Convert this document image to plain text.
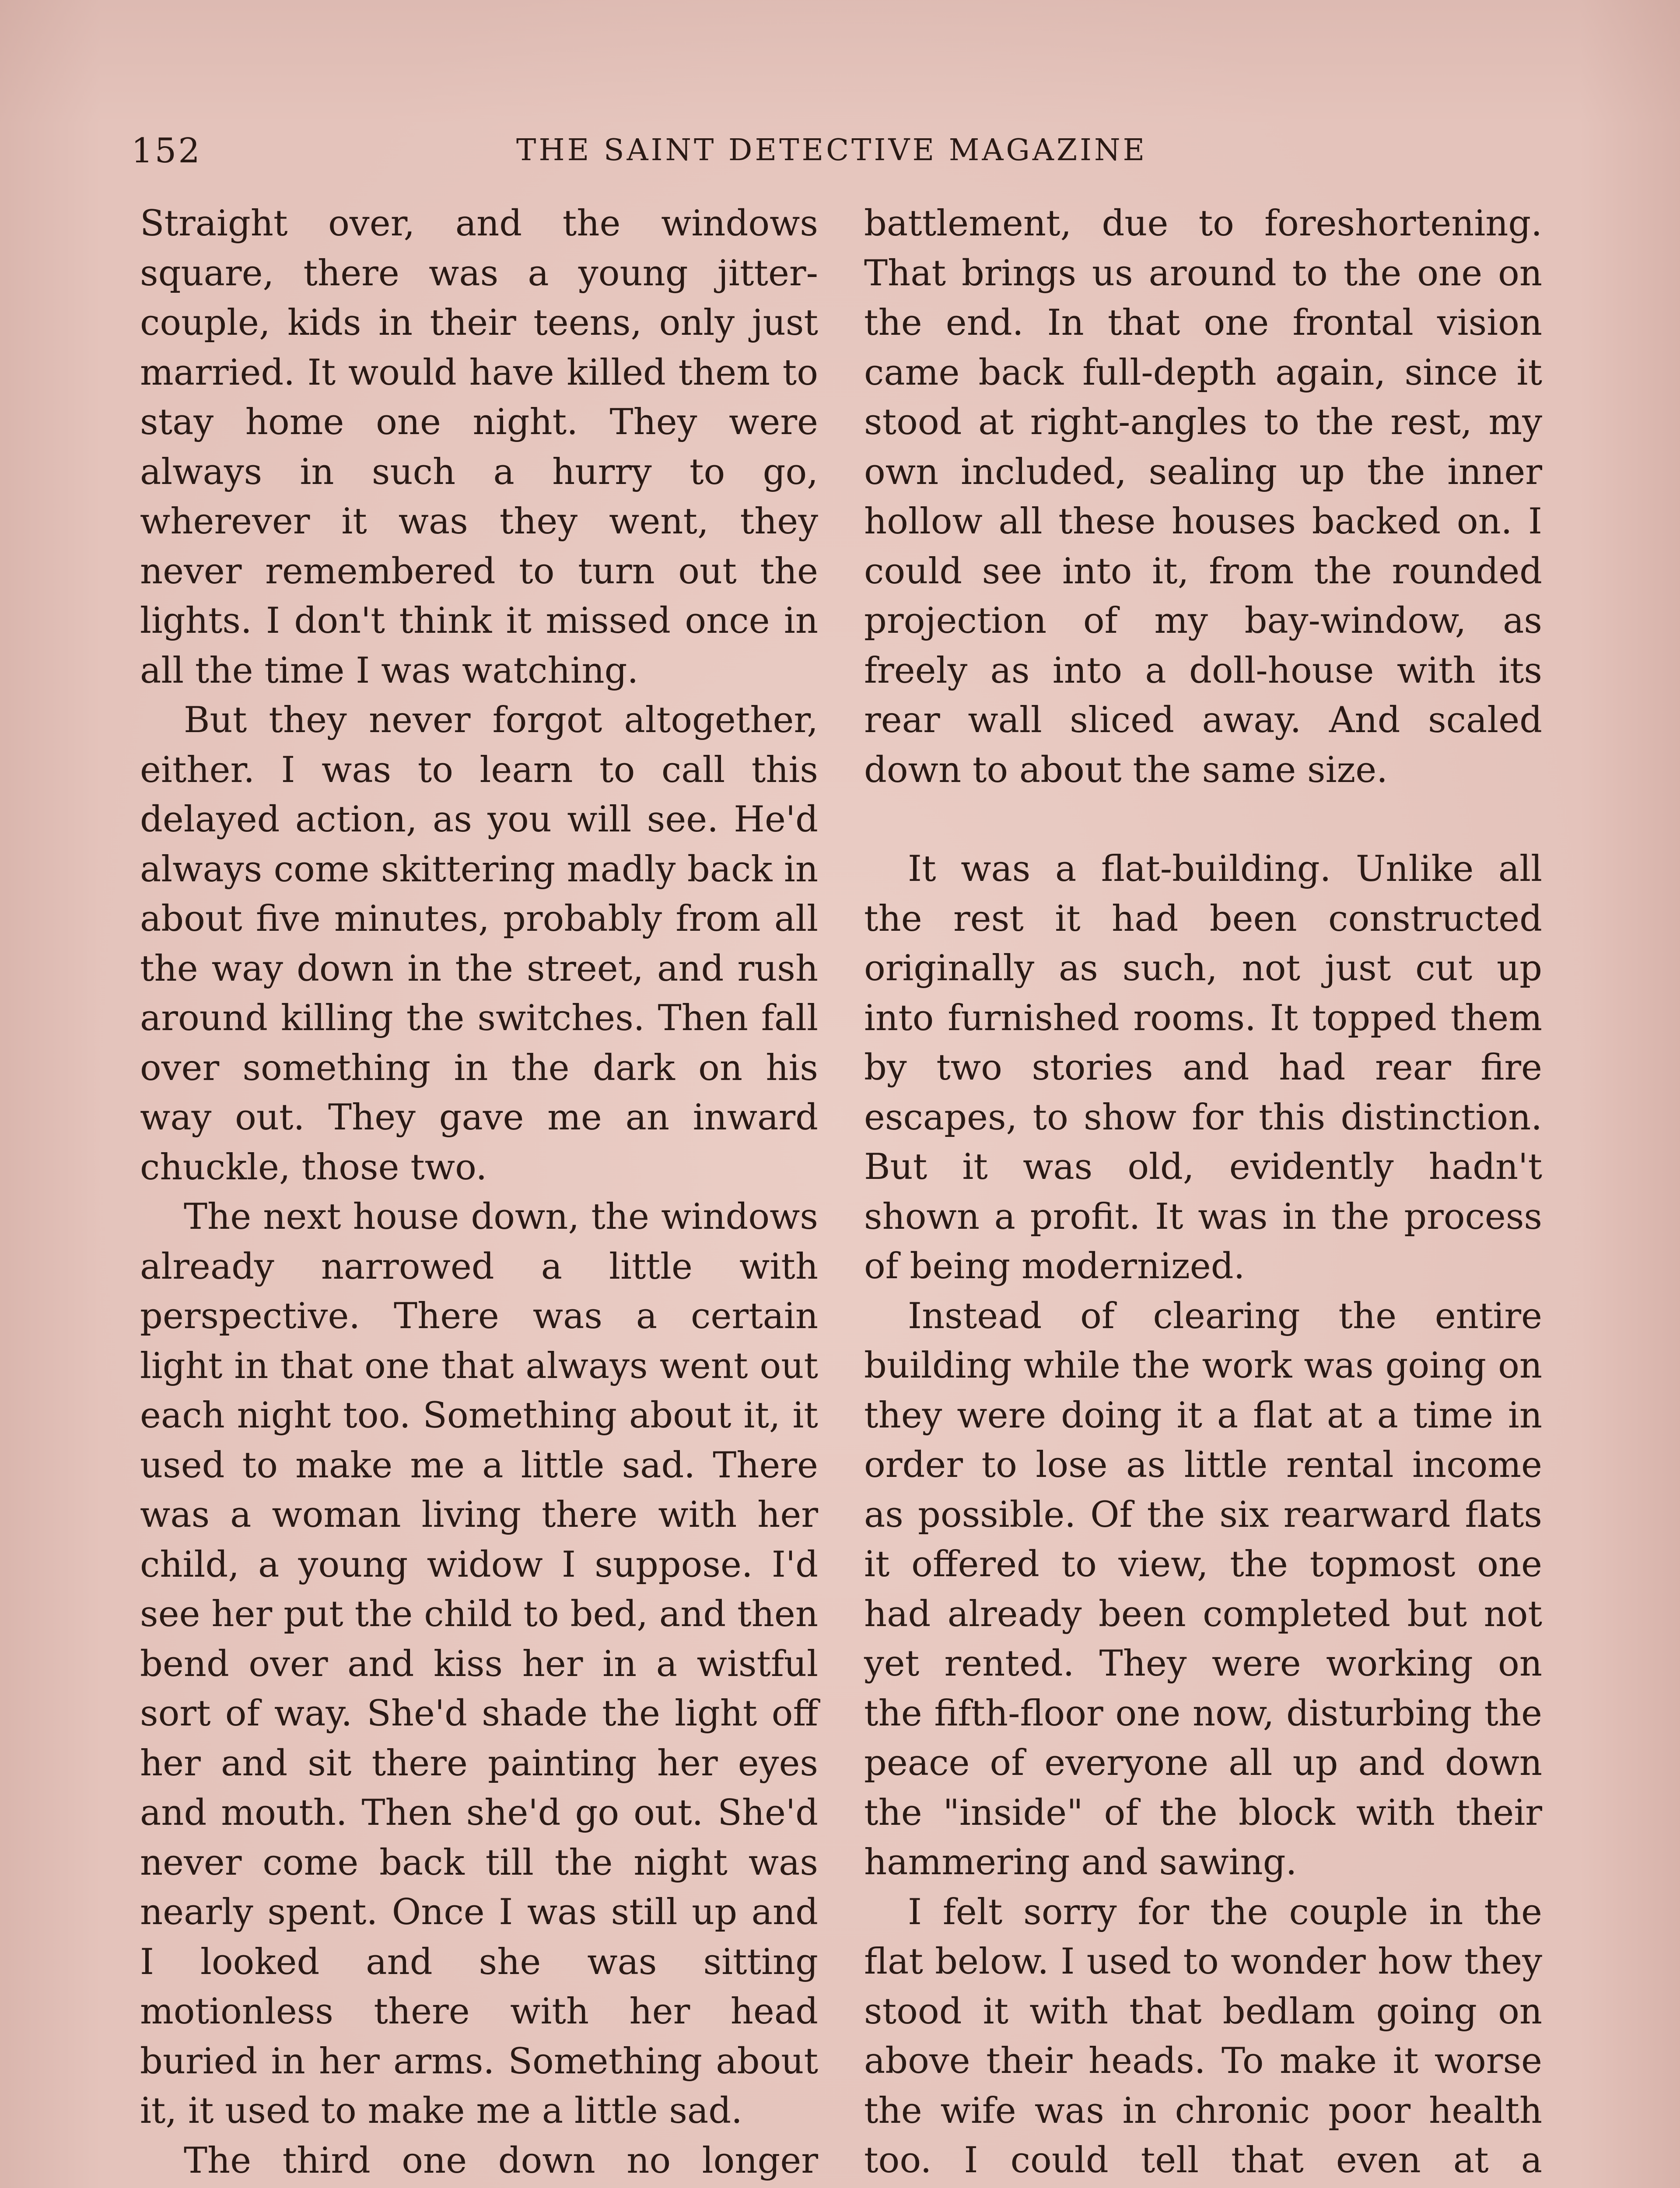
152	THE SAINT DETECTIVE MAGAZINE

Straight over, and the windows square, there was a young jitter-couple, kids in their teens, only just married. It would have killed them to stay home one night. They were always in such a hurry to go, wherever it was they went, they never remembered to turn out the lights. I don't think it missed once in all the time I was watching.

But they never forgot altogether, either. I was to learn to call this delayed action, as you will see. He'd always come skittering madly back in about five minutes, probably from all the way down in the street, and rush around killing the switches. Then fall over something in the dark on his way out. They gave me an inward chuckle, those two.

The next house down, the windows already narrowed a little with perspective. There was a certain light in that one that always went out each night too. Something about it, it used to make me a little sad. There was a woman living there with her child, a young widow I suppose. I'd see her put the child to bed, and then bend over and kiss her in a wistful sort of way. She'd shade the light off her and sit there painting her eyes and mouth. Then she'd go out. She'd never come back till the night was nearly spent. Once I was still up and I looked and she was sitting motionless there with her head buried in her arms. Something about it, it used to make me a little sad.

The third one down no longer

battlement, due to foreshortening. That brings us around to the one on the end. In that one frontal vision came back full-depth again, since it stood at right-angles to the rest, my own included, sealing up the inner hollow all these houses backed on. I could see into it, from the rounded projection of my bay-window, as freely as into a doll-house with its rear wall sliced away. And scaled down to about the same size.

It was a flat-building. Unlike all the rest it had been constructed originally as such, not just cut up into furnished rooms. It topped them by two stories and had rear fire escapes, to show for this distinction. But it was old, evidently hadn't shown a profit. It was in the process of being modernized.

Instead of clearing the entire building while the work was going on they were doing it a flat at a time in order to lose as little rental income as possible. Of the six rearward flats it offered to view, the topmost one had already been completed but not yet rented. They were working on the fifth-floor one now, disturbing the peace of everyone all up and down the "inside" of the block with their hammering and sawing.

I felt sorry for the couple in the flat below. I used to wonder how they stood it with that bedlam going on above their heads. To make it worse the wife was in chronic poor health too. I could tell that even at a
